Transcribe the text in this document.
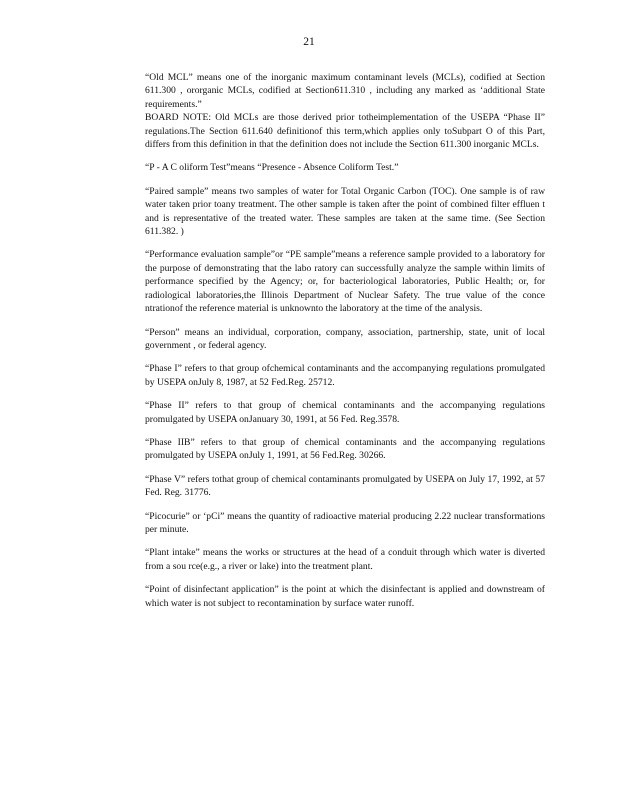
21

“Old MCL” means one of the inorganic maximum contaminant levels (MCLs), codified at Section 611.300 , ororganic MCLs, codified at Section611.310 , including any marked as ‘additional State requirements.”

BOARD NOTE: Old MCLs are those derived prior totheimplementation of the USEPA “Phase II” regulations.The Section 611.640 definitionof this term,which applies only toSubpart O of this Part, differs from this definition in that the definition does not include the Section 611.300 inorganic MCLs.

“P - A C oliform Test”means “Presence - Absence Coliform Test.”

“Paired sample” means two samples of water for Total Organic Carbon (TOC). One sample is of raw water taken prior toany treatment. The other sample is taken after the point of combined filter effluen t and is representative of the treated water. These samples are taken at the same time. (See Section 611.382. )

“Performance evaluation sample”or “PE sample”means a reference sample provided to a laboratory for the purpose of demonstrating that the labo ratory can successfully analyze the sample within limits of performance specified by the Agency; or, for bacteriological laboratories, Public Health; or, for radiological laboratories,the Illinois Department of Nuclear Safety. The true value of the conce ntrationof the reference material is unknownto the laboratory at the time of the analysis.

“Person” means an individual, corporation, company, association, partnership, state, unit of local government , or federal agency.

“Phase I” refers to that group ofchemical contaminants and the accompanying regulations promulgated by USEPA onJuly 8, 1987, at 52 Fed.Reg. 25712.

“Phase II” refers to that group of chemical contaminants and the accompanying regulations promulgated by USEPA onJanuary 30, 1991, at 56 Fed. Reg.3578.

“Phase IIB” refers to that group of chemical contaminants and the accompanying regulations promulgated by USEPA onJuly 1, 1991, at 56 Fed.Reg. 30266.

“Phase V” refers tothat group of chemical contaminants promulgated by USEPA on July 17, 1992, at 57 Fed. Reg. 31776.

“Picocurie” or ‘pCi” means the quantity of radioactive material producing 2.22 nuclear transformations per minute.

“Plant intake” means the works or structures at the head of a conduit through which water is diverted from a sou rce(e.g., a river or lake) into the treatment plant.

“Point of disinfectant application” is the point at which the disinfectant is applied and downstream of which water is not subject to recontamination by surface water runoff.
